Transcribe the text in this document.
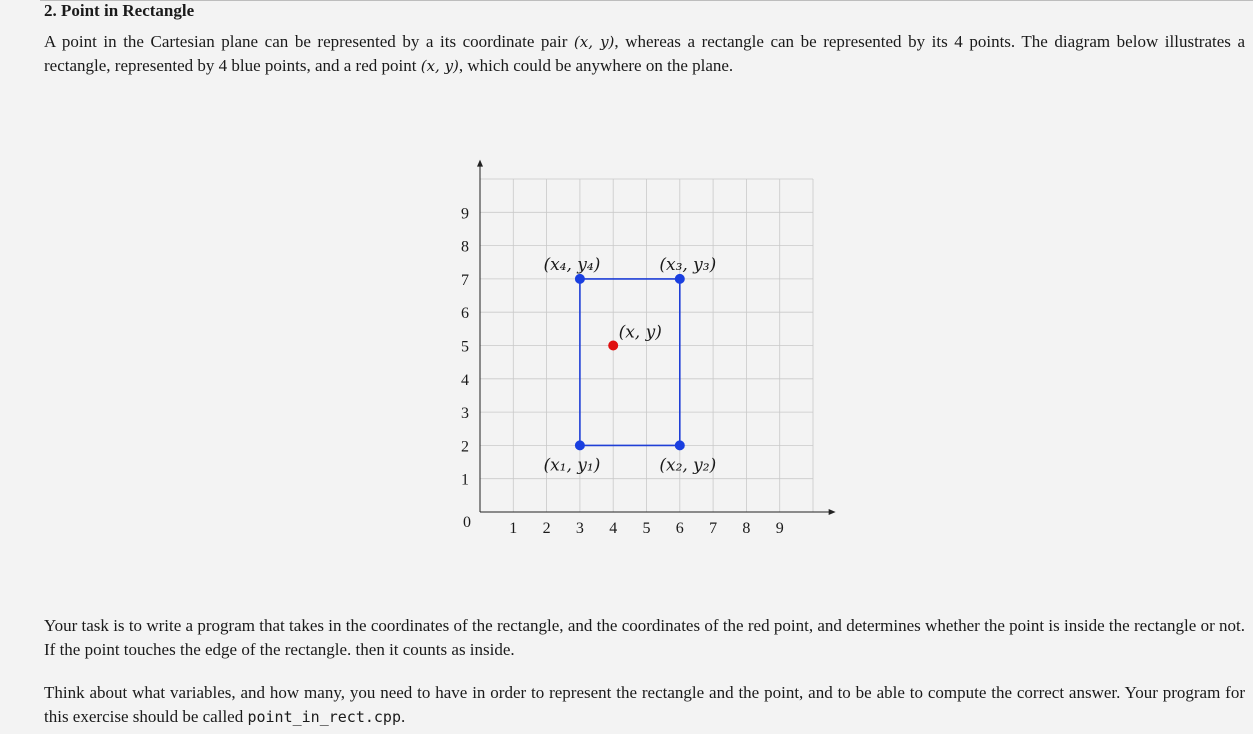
2. Point in Rectangle

A point in the Cartesian plane can be represented by a its coordinate pair (x, y), whereas a rectangle can be represented by its 4 points. The diagram below illustrates a rectangle, represented by 4 blue points, and a red point (x, y), which could be anywhere on the plane.

1 2 3 4 5 6 7 8 9
1
2
3
4
5
6
7
8
9
0
(x₁, y₁)	(x₂, y₂)
(x₃, y₃)
(x₄, y₄)
(x, y)

Your task is to write a program that takes in the coordinates of the rectangle, and the coordinates of the red point, and determines whether the point is inside the rectangle or not. If the point touches the edge of the rectangle. then it counts as inside.

Think about what variables, and how many, you need to have in order to represent the rectangle and the point, and to be able to compute the correct answer. Your program for this exercise should be called point_in_rect.cpp.
